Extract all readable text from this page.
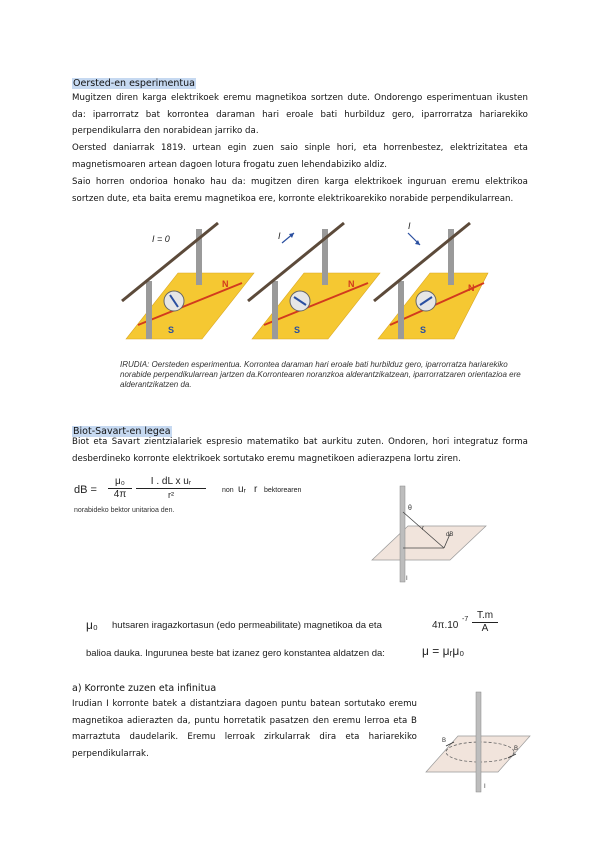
Oersted-en esperimentua

Mugitzen diren karga elektrikoek eremu magnetikoa sortzen dute. Ondorengo esperimentuan ikusten da: iparrorratz bat korrontea daraman hari eroale bati hurbilduz gero, iparrorratza hariarekiko perpendikularra den norabidean jarriko da.

Oersted daniarrak 1819. urtean egin zuen saio sinple hori, eta horrenbestez, elektrizitatea eta magnetismoaren artean dagoen lotura frogatu zuen lehendabiziko aldiz.

Saio horren ondorioa honako hau da: mugitzen diren karga elektrikoek inguruan eremu elektrikoa sortzen dute, eta baita eremu magnetikoa ere, korronte elektrikoarekiko norabide perpendikularrean.

I = 0
N
S
I
N
S
I
N
S

IRUDIA: Oersteden esperimentua. Korrontea daraman hari eroale bati hurbilduz gero, iparrorratza hariarekiko norabide perpendikularrean jartzen da.Korrontearen noranzkoa alderantzikatzean, iparrorratzaren orientazioa ere alderantzikatzen da.

Biot-Savart-en legea

Biot eta Savart zientzialariek espresio matematiko bat aurkitu zuten. Ondoren, hori integratuz forma desberdineko korronte elektrikoek sortutako eremu magnetikoen adierazpena lortu ziren.

dB =
μ₀
$4\pi \frac{\text{I . dL x uᵣ}}{\text{r²}}$ non uᵣ r bektorearen
norabideko bektor unitarioa den.	θ
dB
r
I
μ₀ hutsaren iragazkortasun (edo permeabilitate) magnetikoa da eta	4π.10
$-7 \frac{T.m}{A}$
balioa dauka. Ingurunea beste bat izanez gero konstantea aldatzen da:	μ = μᵣμ₀
a) Korronte zuzen eta infinitua

Irudian I korronte batek a distantziara dagoen puntu batean sortutako eremu magnetikoa adierazten da, puntu horretatik pasatzen den eremu lerroa eta B marraztuta daudelarik. Eremu lerroak zirkularrak dira eta hariarekiko perpendikularrak.

B
B
I
